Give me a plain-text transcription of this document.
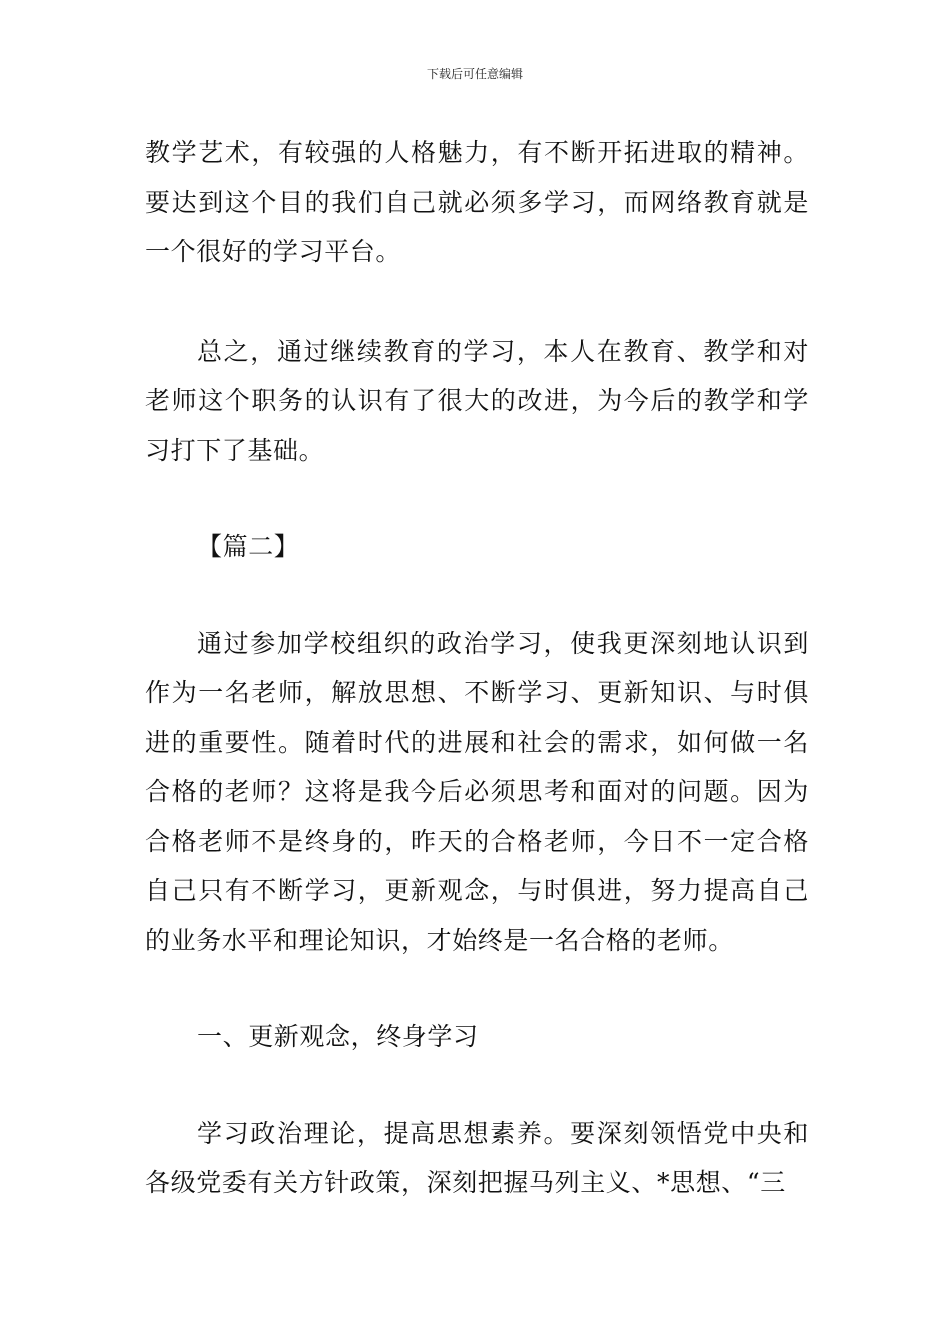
下载后可任意编辑

教学艺术，有较强的人格魅力，有不断开拓进取的精神。要达到这个目的我们自己就必须多学习，而网络教育就是一个很好的学习平台。

总之，通过继续教育的学习，本人在教育、教学和对老师这个职务的认识有了很大的改进，为今后的教学和学习打下了基础。

【篇二】

通过参加学校组织的政治学习，使我更深刻地认识到作为一名老师，解放思想、不断学习、更新知识、与时俱进的重要性。随着时代的进展和社会的需求，如何做一名合格的老师？这将是我今后必须思考和面对的问题。因为合格老师不是终身的，昨天的合格老师，今日不一定合格自己只有不断学习，更新观念，与时俱进，努力提高自己的业务水平和理论知识，才始终是一名合格的老师。

一、更新观念，终身学习

学习政治理论，提高思想素养。要深刻领悟党中央和各级党委有关方针政策，深刻把握马列主义、*思想、“三
